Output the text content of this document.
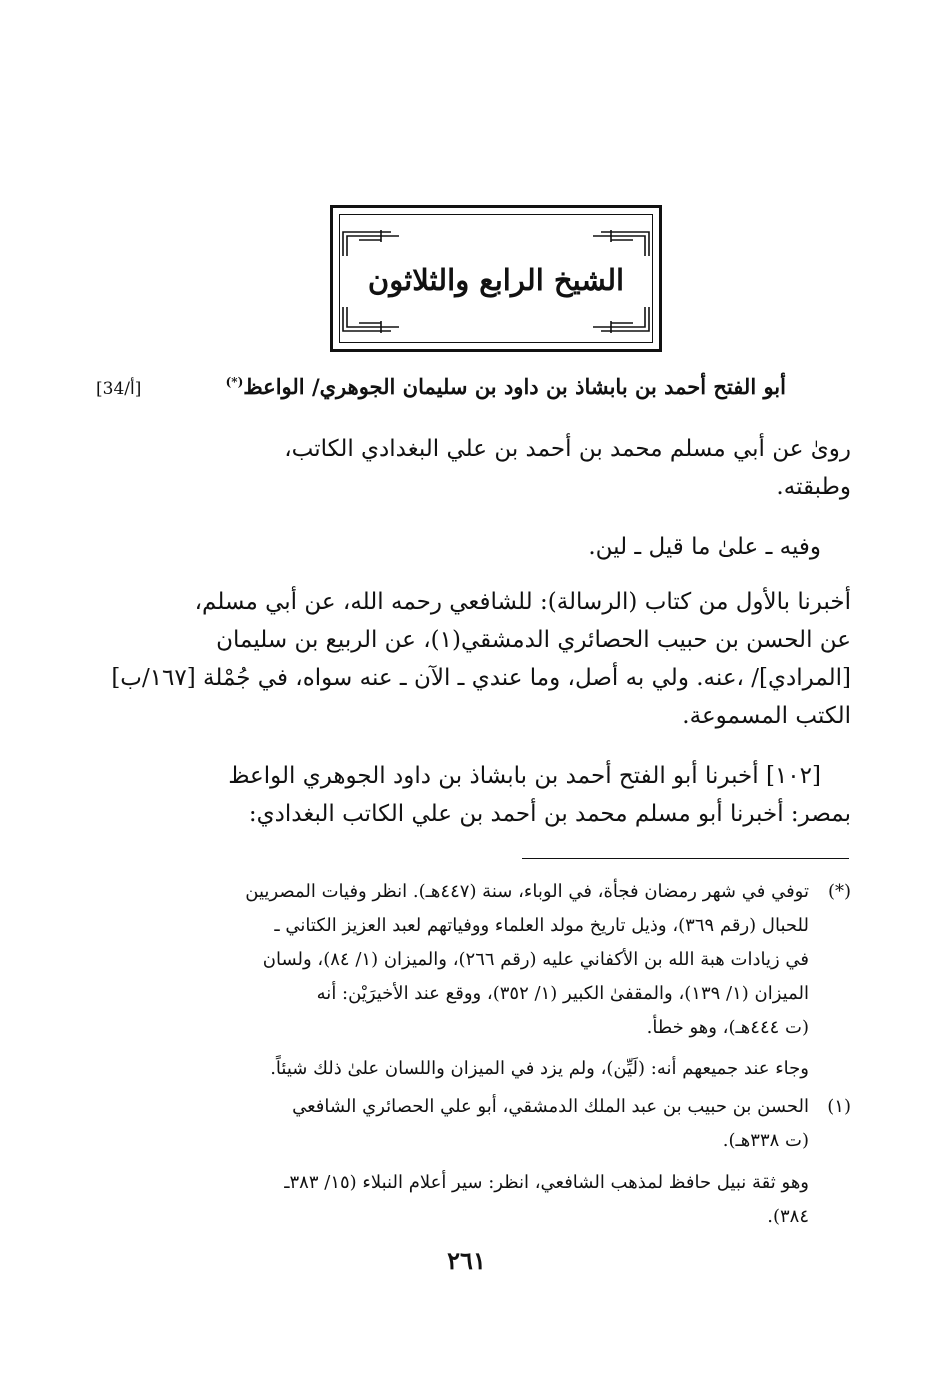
الشيخ الرابع والثلاثون
أبو الفتح أحمد بن بابشاذ بن داود بن سليمان الجوهري/ الواعظ(*)
[34/أ]
روىٰ عن أبي مسلم محمد بن أحمد بن علي البغدادي الكاتب،
وطبقته.
وفيه ـ علىٰ ما قيل ـ لين.
أخبرنا بالأول من كتاب (الرسالة): للشافعي رحمه الله، عن أبي مسلم،
عن الحسن بن حبيب الحصائري الدمشقي(١)، عن الربيع بن سليمان
[المرادي]/ ،عنه. ولي به أصل، وما عندي ـ الآن ـ عنه سواه، في جُمْلة [١٦٧/ب]
الكتب المسموعة.
[١٠٢] أخبرنا أبو الفتح أحمد بن بابشاذ بن داود الجوهري الواعظ
بمصر: أخبرنا أبو مسلم محمد بن أحمد بن علي الكاتب البغدادي:
(*)
توفي في شهر رمضان فجأة، في الوباء، سنة (٤٤٧هـ). انظر وفيات المصريين
للحبال (رقم ٣٦٩)، وذيل تاريخ مولد العلماء ووفياتهم لعبد العزيز الكتاني ـ
في زيادات هبة الله بن الأكفاني عليه (رقم ٢٦٦)، والميزان (١/ ٨٤)، ولسان
الميزان (١/ ١٣٩)، والمقفىٰ الكبير (١/ ٣٥٢)، ووقع عند الأخيرَيْن: أنه
(ت ٤٤٤هـ)، وهو خطأ.
وجاء عند جميعهم أنه: (لَيِّن)، ولم يزد في الميزان واللسان علىٰ ذلك شيئاً.
(١)
الحسن بن حبيب بن عبد الملك الدمشقي، أبو علي الحصائري الشافعي
(ت ٣٣٨هـ).
وهو ثقة نبيل حافظ لمذهب الشافعي، انظر: سير أعلام النبلاء (١٥/ ٣٨٣ـ
٣٨٤).
٢٦١
